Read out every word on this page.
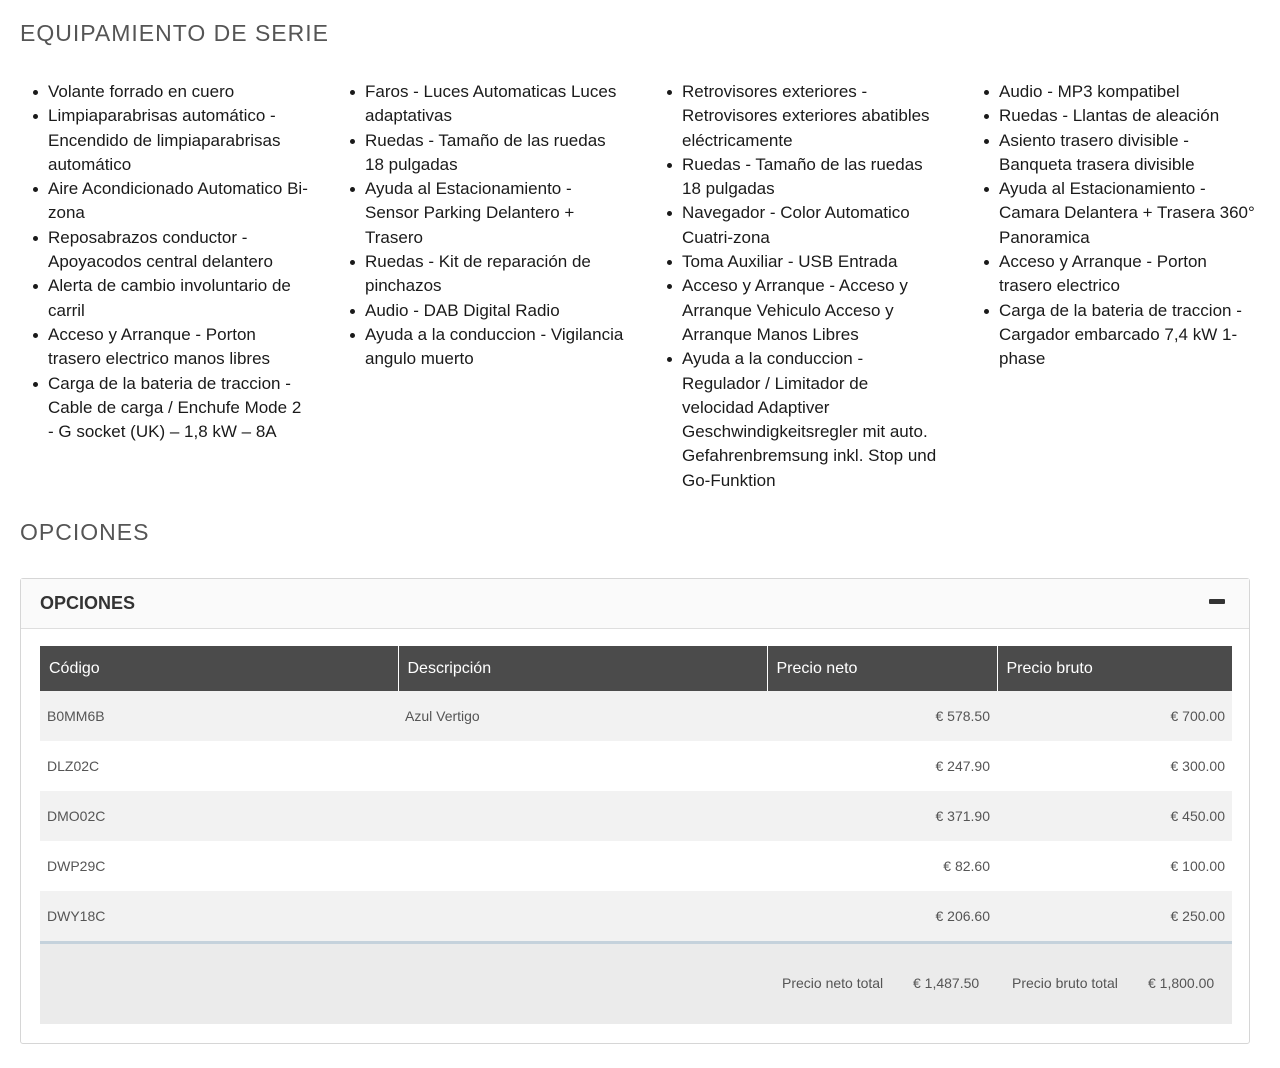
EQUIPAMIENTO DE SERIE
Volante forrado en cuero
Limpiaparabrisas automático - Encendido de limpiaparabrisas automático
Aire Acondicionado Automatico Bi-zona
Reposabrazos conductor - Apoyacodos central delantero
Alerta de cambio involuntario de carril
Acceso y Arranque - Porton trasero electrico manos libres
Carga de la bateria de traccion - Cable de carga / Enchufe Mode 2 - G socket (UK) – 1,8 kW – 8A
Faros - Luces Automaticas Luces adaptativas
Ruedas - Tamaño de las ruedas 18 pulgadas
Ayuda al Estacionamiento - Sensor Parking Delantero + Trasero
Ruedas - Kit de reparación de pinchazos
Audio - DAB Digital Radio
Ayuda a la conduccion - Vigilancia angulo muerto
Retrovisores exteriores - Retrovisores exteriores abatibles eléctricamente
Ruedas - Tamaño de las ruedas 18 pulgadas
Navegador - Color Automatico Cuatri-zona
Toma Auxiliar - USB Entrada
Acceso y Arranque - Acceso y Arranque Vehiculo Acceso y Arranque Manos Libres
Ayuda a la conduccion - Regulador / Limitador de velocidad Adaptiver Geschwindigkeitsregler mit auto. Gefahrenbremsung inkl. Stop und Go-Funktion
Audio - MP3 kompatibel
Ruedas - Llantas de aleación
Asiento trasero divisible - Banqueta trasera divisible
Ayuda al Estacionamiento - Camara Delantera + Trasera 360° Panoramica
Acceso y Arranque - Porton trasero electrico
Carga de la bateria de traccion - Cargador embarcado 7,4 kW 1-phase
OPCIONES
OPCIONES
Código	Descripción	Precio neto	Precio bruto
B0MM6B	Azul Vertigo	€ 578.50	€ 700.00
DLZ02C		€ 247.90	€ 300.00
DMO02C		€ 371.90	€ 450.00
DWP29C		€ 82.60	€ 100.00
DWY18C		€ 206.60	€ 250.00
Precio neto total € 1,487.50 Precio bruto total € 1,800.00
